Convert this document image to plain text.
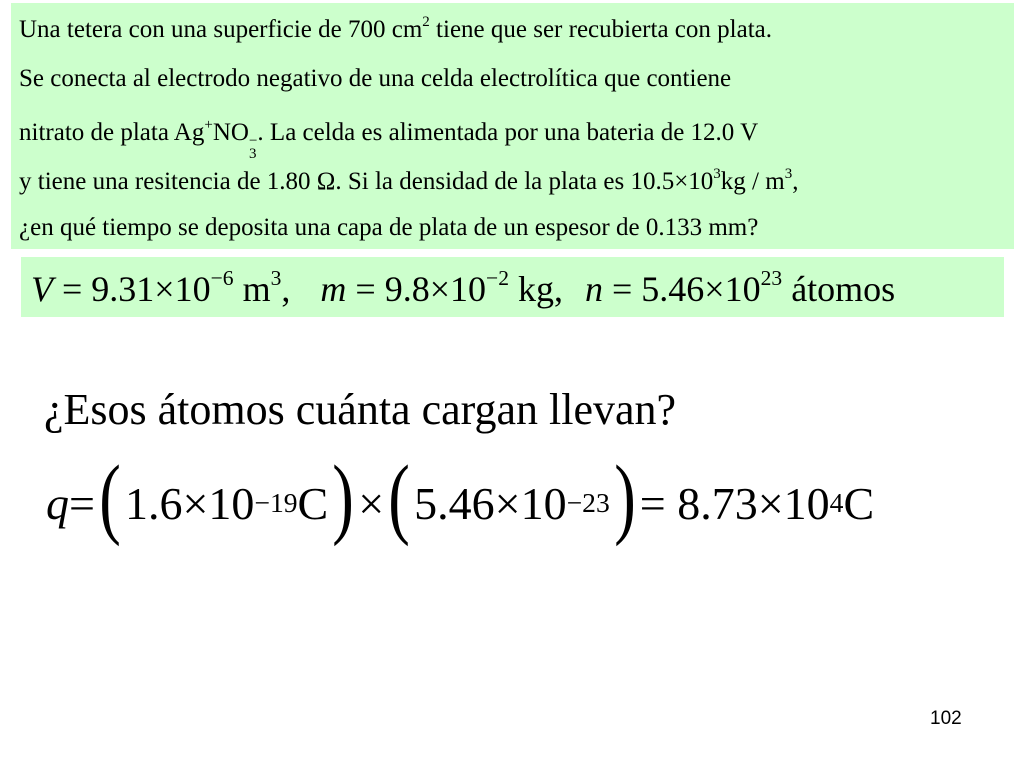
Una tetera con una superficie de 700 $cm^2$ tiene que ser recubierta con plata.
Se conecta al electrodo negativo de una celda electrolítica que contiene
nitrato de plata Ag+NO −
3
. La celda es alimentada por una bateria de 12.0 V
y tiene una resitencia de 1.80 Ω. Si la densidad de la plata es $10.5\times 10^3kg / m^3$,
¿en qué tiempo se deposita una capa de plata de un espesor de 0.133 mm?
$V = 9.31\times 10^{-6}$ $m^3$, $m = 9.8\times 10^{-2}$ kg, $n = 5.46\times 10^{23}$ átomos
¿Esos átomos cuánta cargan llevan?
q = ( 1.6×10 −19 C ) × ( 5.46×10 −23 ) = 8.73×10 4 C
102
